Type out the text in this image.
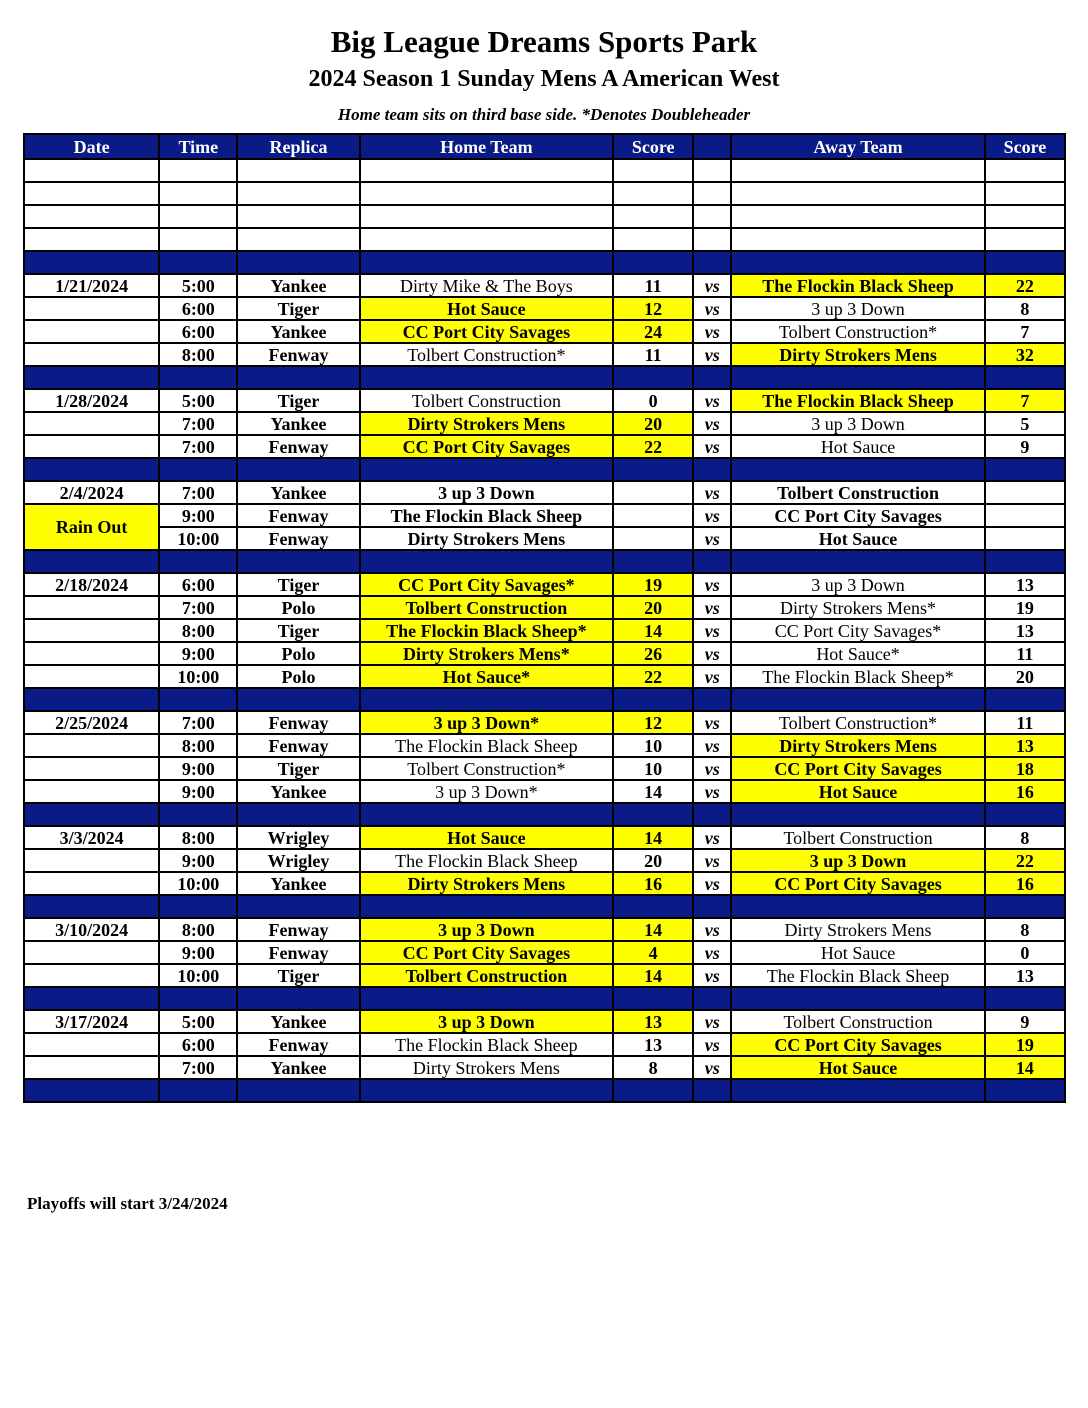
Big League Dreams Sports Park
2024 Season 1 Sunday Mens A American West
Home team sits on third base side. *Denotes Doubleheader
Date	Time	Replica	Home Team	Score		Away Team	Score

1/21/2024	5:00	Yankee	Dirty Mike & The Boys	11	vs	The Flockin Black Sheep	22
	6:00	Tiger	Hot Sauce	12	vs	3 up 3 Down	8
	6:00	Yankee	CC Port City Savages	24	vs	Tolbert Construction*	7
	8:00	Fenway	Tolbert Construction*	11	vs	Dirty Strokers Mens	32

1/28/2024	5:00	Tiger	Tolbert Construction	0	vs	The Flockin Black Sheep	7
	7:00	Yankee	Dirty Strokers Mens	20	vs	3 up 3 Down	5
	7:00	Fenway	CC Port City Savages	22	vs	Hot Sauce	9

2/4/2024	7:00	Yankee	3 up 3 Down		vs	Tolbert Construction	
Rain Out	9:00	Fenway	The Flockin Black Sheep		vs	CC Port City Savages	
	10:00	Fenway	Dirty Strokers Mens		vs	Hot Sauce	

2/18/2024	6:00	Tiger	CC Port City Savages*	19	vs	3 up 3 Down	13
	7:00	Polo	Tolbert Construction	20	vs	Dirty Strokers Mens*	19
	8:00	Tiger	The Flockin Black Sheep*	14	vs	CC Port City Savages*	13
	9:00	Polo	Dirty Strokers Mens*	26	vs	Hot Sauce*	11
	10:00	Polo	Hot Sauce*	22	vs	The Flockin Black Sheep*	20

2/25/2024	7:00	Fenway	3 up 3 Down*	12	vs	Tolbert Construction*	11
	8:00	Fenway	The Flockin Black Sheep	10	vs	Dirty Strokers Mens	13
	9:00	Tiger	Tolbert Construction*	10	vs	CC Port City Savages	18
	9:00	Yankee	3 up 3 Down*	14	vs	Hot Sauce	16

3/3/2024	8:00	Wrigley	Hot Sauce	14	vs	Tolbert Construction	8
	9:00	Wrigley	The Flockin Black Sheep	20	vs	3 up 3 Down	22
	10:00	Yankee	Dirty Strokers Mens	16	vs	CC Port City Savages	16

3/10/2024	8:00	Fenway	3 up 3 Down	14	vs	Dirty Strokers Mens	8
	9:00	Fenway	CC Port City Savages	4	vs	Hot Sauce	0
	10:00	Tiger	Tolbert Construction	14	vs	The Flockin Black Sheep	13

3/17/2024	5:00	Yankee	3 up 3 Down	13	vs	Tolbert Construction	9
	6:00	Fenway	The Flockin Black Sheep	13	vs	CC Port City Savages	19
	7:00	Yankee	Dirty Strokers Mens	8	vs	Hot Sauce	14

Playoffs will start 3/24/2024
